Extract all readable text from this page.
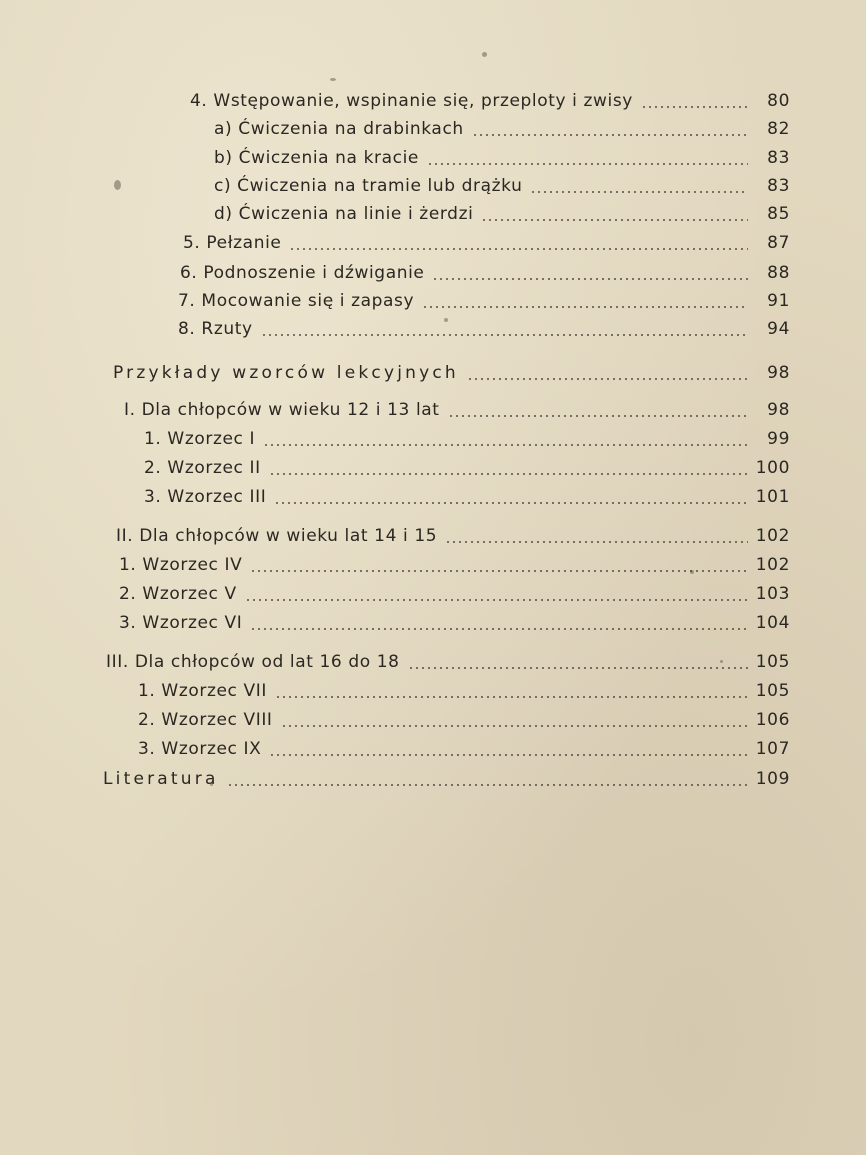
4. Wstępowanie, wspinanie się, przeploty i zwisy	80
a) Ćwiczenia na drabinkach	82
b) Ćwiczenia na kracie	83
c) Ćwiczenia na tramie lub drążku	83
d) Ćwiczenia na linie i żerdzi	85
5. Pełzanie	87
6. Podnoszenie i dźwiganie	88
7. Mocowanie się i zapasy	91
8. Rzuty	94
Przykłady wzorców lekcyjnych	98
I. Dla chłopców w wieku 12 i 13 lat	98
1. Wzorzec I	99
2. Wzorzec II	100
3. Wzorzec III	101
II. Dla chłopców w wieku lat 14 i 15	102
1. Wzorzec IV	102
2. Wzorzec V	103
3. Wzorzec VI	104
III. Dla chłopców od lat 16 do 18	105
1. Wzorzec VII	105
2. Wzorzec VIII	106
3. Wzorzec IX	107
Literatura	109
